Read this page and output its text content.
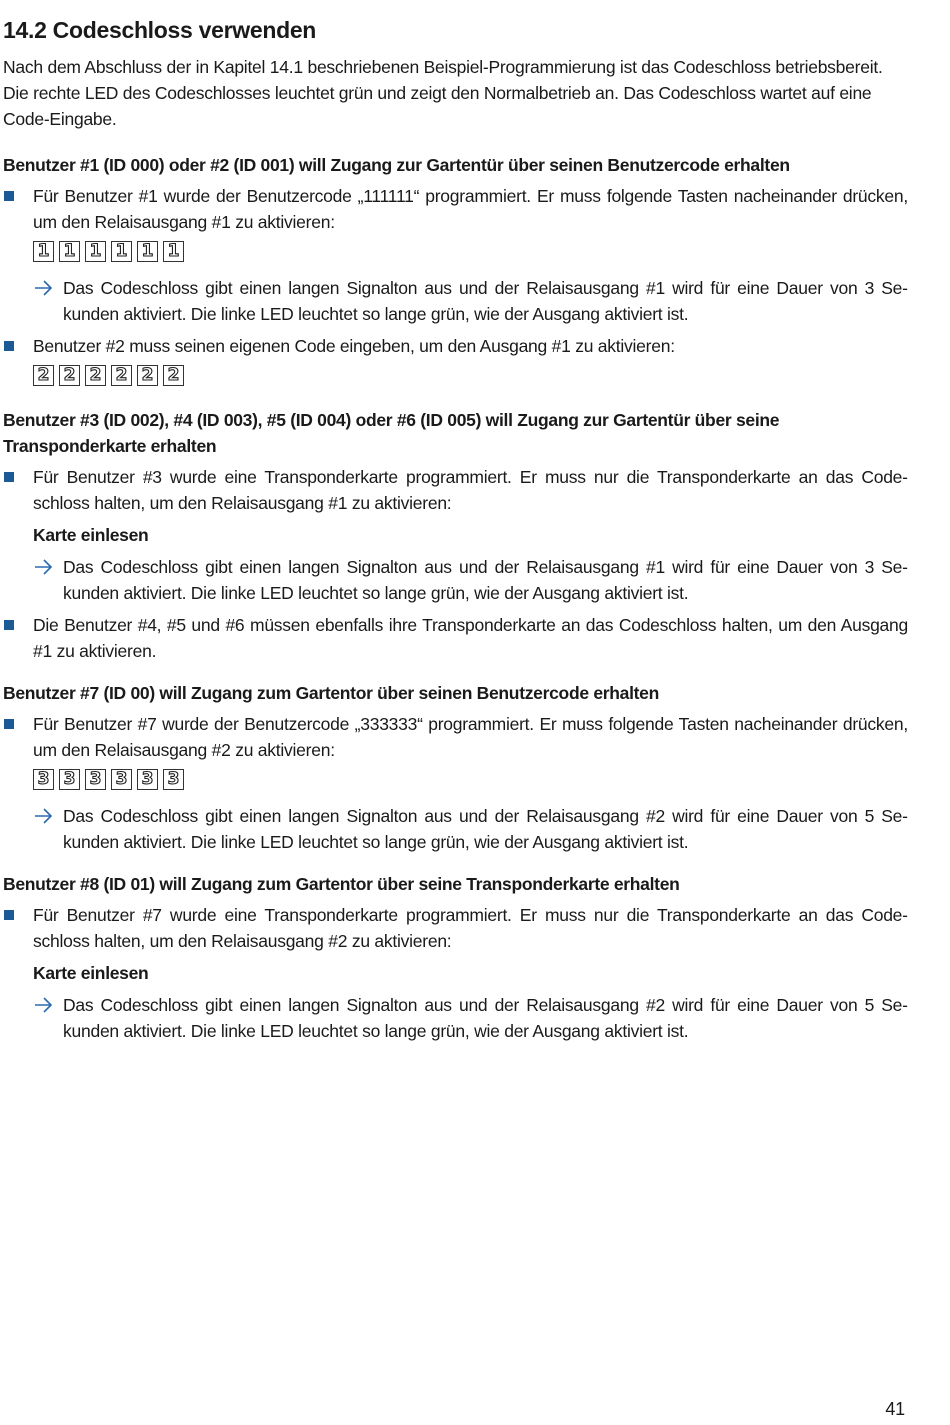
14.2 Codeschloss verwenden

Nach dem Abschluss der in Kapitel 14.1 beschriebenen Beispiel-Programmierung ist das Codeschloss betriebsbereit. Die rechte LED des Codeschlosses leuchtet grün und zeigt den Normalbetrieb an. Das Codeschloss wartet auf eine Code-Eingabe.

Benutzer #1 (ID 000) oder #2 (ID 001) will Zugang zur Gartentür über seinen Benutzercode erhalten
Für Benutzer #1 wurde der Benutzercode „111111“ programmiert. Er muss folgende Tasten nacheinander drücken, um den Relaisausgang #1 zu aktivieren:
1 1 1 1 1 1
Das Codeschloss gibt einen langen Signalton aus und der Relaisausgang #1 wird für eine Dauer von 3 Sekunden aktiviert. Die linke LED leuchtet so lange grün, wie der Ausgang aktiviert ist.
Benutzer #2 muss seinen eigenen Code eingeben, um den Ausgang #1 zu aktivieren:
2 2 2 2 2 2
Benutzer #3 (ID 002), #4 (ID 003), #5 (ID 004) oder #6 (ID 005) will Zugang zur Gartentür über seine Transponderkarte erhalten
Für Benutzer #3 wurde eine Transponderkarte programmiert. Er muss nur die Transponderkarte an das Codeschloss halten, um den Relaisausgang #1 zu aktivieren:
Karte einlesen
Das Codeschloss gibt einen langen Signalton aus und der Relaisausgang #1 wird für eine Dauer von 3 Sekunden aktiviert. Die linke LED leuchtet so lange grün, wie der Ausgang aktiviert ist.
Die Benutzer #4, #5 und #6 müssen ebenfalls ihre Transponderkarte an das Codeschloss halten, um den Ausgang #1 zu aktivieren.
Benutzer #7 (ID 00) will Zugang zum Gartentor über seinen Benutzercode erhalten
Für Benutzer #7 wurde der Benutzercode „333333“ programmiert. Er muss folgende Tasten nacheinander drücken, um den Relaisausgang #2 zu aktivieren:
3 3 3 3 3 3
Das Codeschloss gibt einen langen Signalton aus und der Relaisausgang #2 wird für eine Dauer von 5 Sekunden aktiviert. Die linke LED leuchtet so lange grün, wie der Ausgang aktiviert ist.
Benutzer #8 (ID 01) will Zugang zum Gartentor über seine Transponderkarte erhalten
Für Benutzer #7 wurde eine Transponderkarte programmiert. Er muss nur die Transponderkarte an das Codeschloss halten, um den Relaisausgang #2 zu aktivieren:
Karte einlesen
Das Codeschloss gibt einen langen Signalton aus und der Relaisausgang #2 wird für eine Dauer von 5 Sekunden aktiviert. Die linke LED leuchtet so lange grün, wie der Ausgang aktiviert ist.
41
